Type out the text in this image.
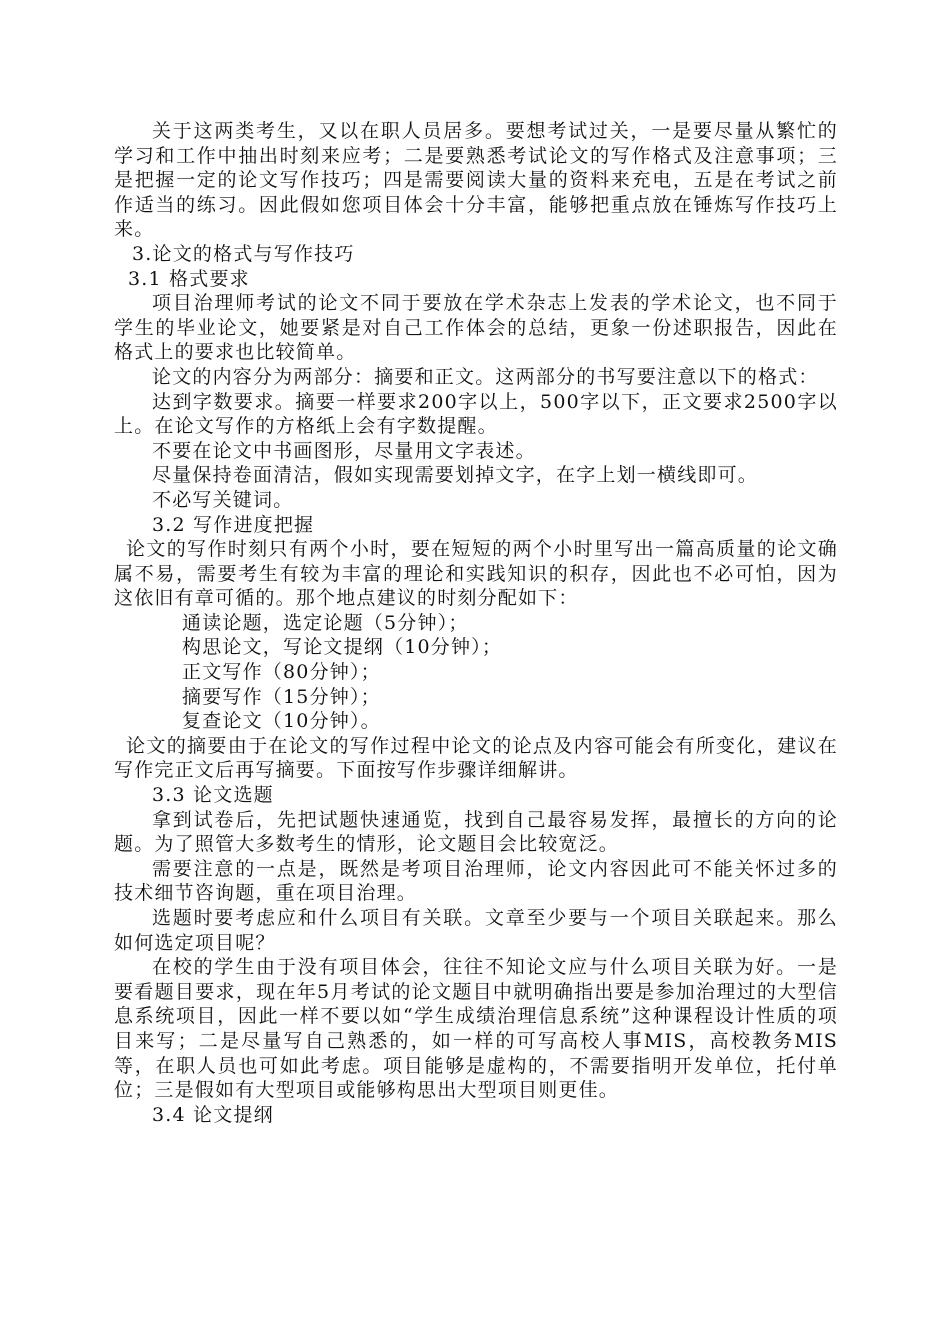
关于这两类考生，又以在职人员居多。要想考试过关，一是要尽量从繁忙的学习和工作中抽出时刻来应考；二是要熟悉考试论文的写作格式及注意事项；三是把握一定的论文写作技巧；四是需要阅读大量的资料来充电，五是在考试之前作适当的练习。因此假如您项目体会十分丰富，能够把重点放在锤炼写作技巧上来。

3.论文的格式与写作技巧

3.1 格式要求

项目治理师考试的论文不同于要放在学术杂志上发表的学术论文，也不同于学生的毕业论文，她要紧是对自己工作体会的总结，更象一份述职报告，因此在格式上的要求也比较简单。

论文的内容分为两部分：摘要和正文。这两部分的书写要注意以下的格式：

达到字数要求。摘要一样要求200字以上，500字以下，正文要求2500字以上。在论文写作的方格纸上会有字数提醒。

不要在论文中书画图形，尽量用文字表述。

尽量保持卷面清洁，假如实现需要划掉文字，在字上划一横线即可。

不必写关键词。

3.2 写作进度把握

论文的写作时刻只有两个小时，要在短短的两个小时里写出一篇高质量的论文确属不易，需要考生有较为丰富的理论和实践知识的积存，因此也不必可怕，因为这依旧有章可循的。那个地点建议的时刻分配如下：

通读论题，选定论题（5分钟）；

构思论文，写论文提纲（10分钟）；

正文写作（80分钟）；

摘要写作（15分钟）；

复查论文（10分钟）。

论文的摘要由于在论文的写作过程中论文的论点及内容可能会有所变化，建议在写作完正文后再写摘要。下面按写作步骤详细解讲。

3.3 论文选题

拿到试卷后，先把试题快速通览，找到自己最容易发挥，最擅长的方向的论题。为了照管大多数考生的情形，论文题目会比较宽泛。

需要注意的一点是，既然是考项目治理师，论文内容因此可不能关怀过多的技术细节咨询题，重在项目治理。

选题时要考虑应和什么项目有关联。文章至少要与一个项目关联起来。那么如何选定项目呢？

在校的学生由于没有项目体会，往往不知论文应与什么项目关联为好。一是要看题目要求，现在年5月考试的论文题目中就明确指出要是参加治理过的大型信息系统项目，因此一样不要以如“学生成绩治理信息系统”这种课程设计性质的项目来写；二是尽量写自己熟悉的，如一样的可写高校人事MIS，高校教务MIS等，在职人员也可如此考虑。项目能够是虚构的，不需要指明开发单位，托付单位；三是假如有大型项目或能够构思出大型项目则更佳。

3.4 论文提纲
